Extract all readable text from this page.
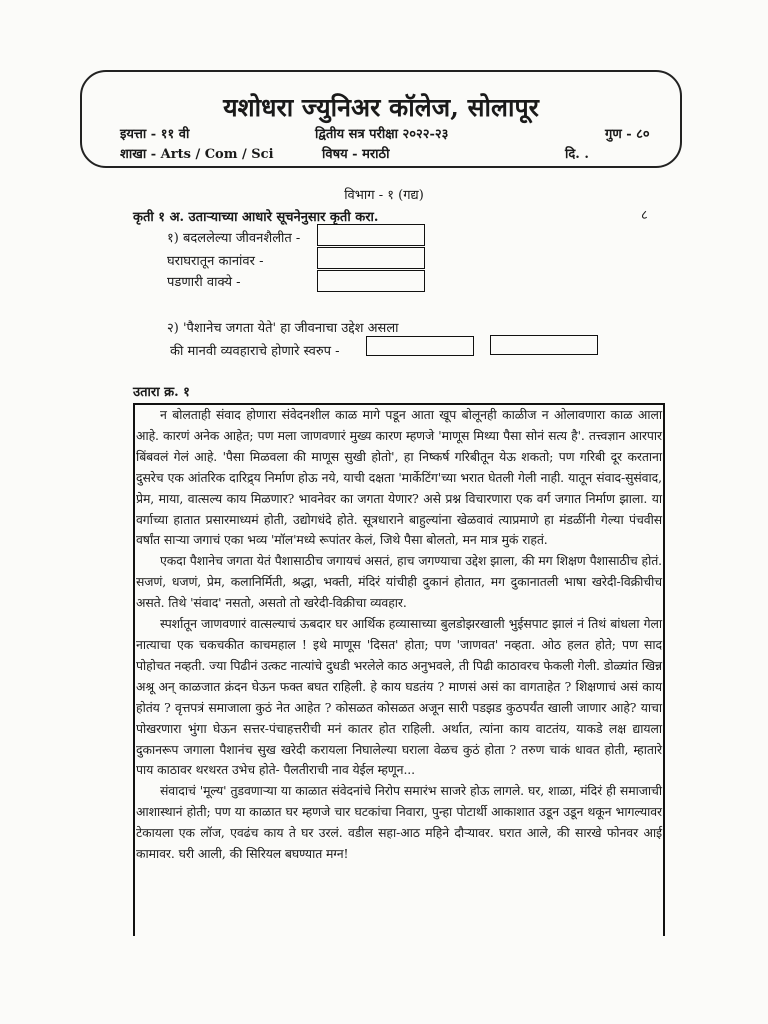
यशोधरा ज्युनिअर कॉलेज, सोलापूर
इयत्ता - ११ वी	द्वितीय सत्र परीक्षा २०२२-२३	गुण - ८०
शाखा - Arts / Com / Sci	विषय - मराठी	दि. .
विभाग - १ (गद्य)
कृती १ अ. उताऱ्याच्या आधारे सूचनेनुसार कृती करा.	८
१) बदललेल्या जीवनशैलीत -
घराघरातून कानांवर -
पडणारी वाक्ये -
२) 'पैशानेच जगता येते' हा जीवनाचा उद्देश असला
की मानवी व्यवहाराचे होणारे स्वरुप -
उतारा क्र. १

न बोलताही संवाद होणारा संवेदनशील काळ मागे पडून आता खूप बोलूनही काळीज न ओलावणारा काळ आला आहे. कारणं अनेक आहेत; पण मला जाणवणारं मुख्य कारण म्हणजे 'माणूस मिथ्या पैसा सोनं सत्य है'. तत्त्वज्ञान आरपार बिंबवलं गेलं आहे. 'पैसा मिळवला की माणूस सुखी होतो', हा निष्कर्ष गरिबीतून येऊ शकतो; पण गरिबी दूर करताना दुसरेच एक आंतरिक दारिद्र्य निर्माण होऊ नये, याची दक्षता 'मार्केटिंग'च्या भरात घेतली गेली नाही. यातून संवाद-सुसंवाद, प्रेम, माया, वात्सल्य काय मिळणार? भावनेवर का जगता येणार? असे प्रश्न विचारणारा एक वर्ग जगात निर्माण झाला. या वर्गाच्या हातात प्रसारमाध्यमं होती, उद्योगधंदे होते. सूत्रधाराने बाहुल्यांना खेळवावं त्याप्रमाणे हा मंडळींनी गेल्या पंचवीस वर्षांत साऱ्या जगाचं एका भव्य 'मॉल'मध्ये रूपांतर केलं, जिथे पैसा बोलतो, मन मात्र मुकं राहतं.

एकदा पैशानेच जगता येतं पैशासाठीच जगायचं असतं, हाच जगण्याचा उद्देश झाला, की मग शिक्षण पैशासाठीच होतं. सजणं, धजणं, प्रेम, कलानिर्मिती, श्रद्धा, भक्ती, मंदिरं यांचीही दुकानं होतात, मग दुकानातली भाषा खरेदी-विक्रीचीच असते. तिथे 'संवाद' नसतो, असतो तो खरेदी-विक्रीचा व्यवहार.

स्पर्शातून जाणवणारं वात्सल्याचं ऊबदार घर आर्थिक हव्यासाच्या बुलडोझरखाली भुईसपाट झालं नं तिथं बांधला गेला नात्याचा एक चकचकीत काचमहाल ! इथे माणूस 'दिसत' होता; पण 'जाणवत' नव्हता. ओठ हलत होते; पण साद पोहोचत नव्हती. ज्या पिढीनं उत्कट नात्यांचे दुधडी भरलेले काठ अनुभवले, ती पिढी काठावरच फेकली गेली. डोळ्यांत खिन्न अश्रू अन् काळजात क्रंदन घेऊन फक्त बघत राहिली. हे काय घडतंय ? माणसं असं का वागताहेत ? शिक्षणाचं असं काय होतंय ? वृत्तपत्रं समाजाला कुठं नेत आहेत ? कोसळत कोसळत अजून सारी पडझड कुठपर्यंत खाली जाणार आहे? याचा पोखरणारा भुंगा घेऊन सत्तर-पंचाहत्तरीची मनं कातर होत राहिली. अर्थात, त्यांना काय वाटतंय, याकडे लक्ष द्यायला दुकानरूप जगाला पैशानंच सुख खरेदी करायला निघालेल्या घराला वेळच कुठं होता ? तरुण चाकं धावत होती, म्हातारे पाय काठावर थरथरत उभेच होते- पैलतीराची नाव येईल म्हणून...

संवादाचं 'मूल्य' तुडवणाऱ्या या काळात संवेदनांचे निरोप समारंभ साजरे होऊ लागले. घर, शाळा, मंदिरं ही समाजाची आशास्थानं होती; पण या काळात घर म्हणजे चार घटकांचा निवारा, पुन्हा पोटार्थी आकाशात उडून उडून थकून भागल्यावर टेकायला एक लॉज, एवढंच काय ते घर उरलं. वडील सहा-आठ महिने दौऱ्यावर. घरात आले, की सारखे फोनवर आई कामावर. घरी आली, की सिरियल बघण्यात मग्न!
